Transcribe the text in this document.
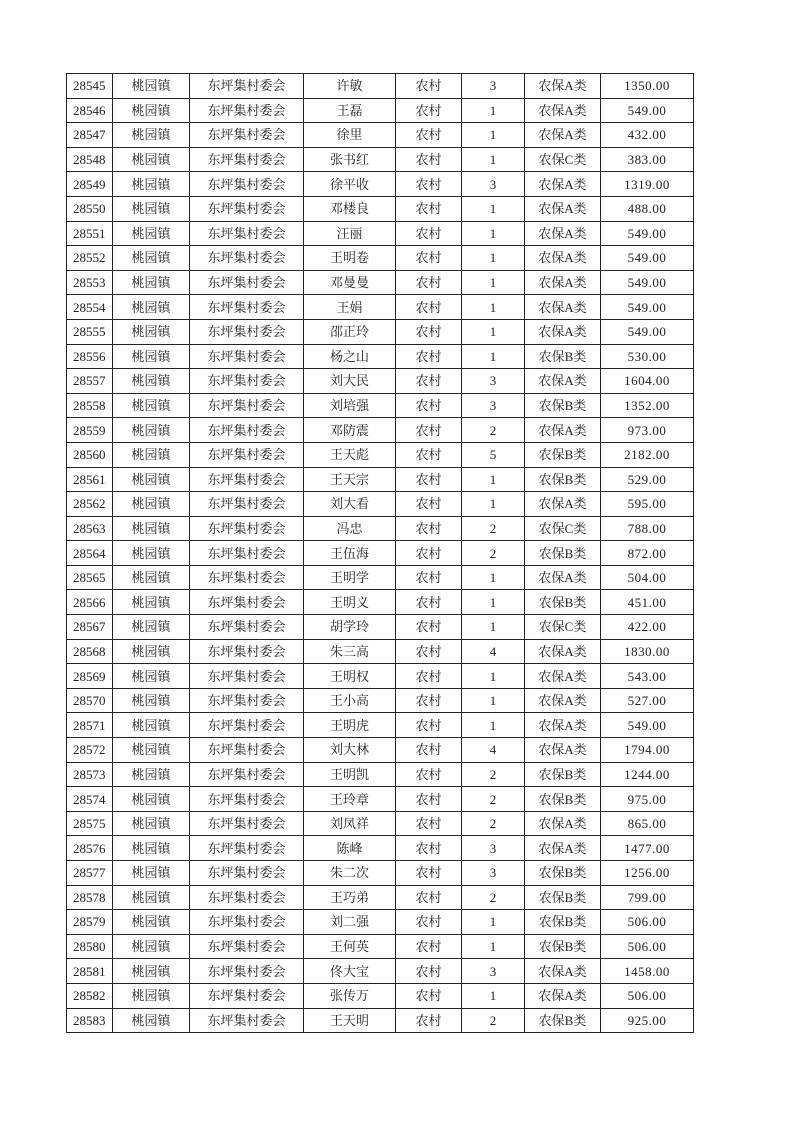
28545	桃园镇	东坪集村委会	许敏	农村	3	农保A类	1350.00
28546	桃园镇	东坪集村委会	王磊	农村	1	农保A类	549.00
28547	桃园镇	东坪集村委会	徐里	农村	1	农保A类	432.00
28548	桃园镇	东坪集村委会	张书红	农村	1	农保C类	383.00
28549	桃园镇	东坪集村委会	徐平收	农村	3	农保A类	1319.00
28550	桃园镇	东坪集村委会	邓楼良	农村	1	农保A类	488.00
28551	桃园镇	东坪集村委会	汪丽	农村	1	农保A类	549.00
28552	桃园镇	东坪集村委会	王明卷	农村	1	农保A类	549.00
28553	桃园镇	东坪集村委会	邓曼曼	农村	1	农保A类	549.00
28554	桃园镇	东坪集村委会	王娟	农村	1	农保A类	549.00
28555	桃园镇	东坪集村委会	邵正玲	农村	1	农保A类	549.00
28556	桃园镇	东坪集村委会	杨之山	农村	1	农保B类	530.00
28557	桃园镇	东坪集村委会	刘大民	农村	3	农保A类	1604.00
28558	桃园镇	东坪集村委会	刘培强	农村	3	农保B类	1352.00
28559	桃园镇	东坪集村委会	邓防震	农村	2	农保A类	973.00
28560	桃园镇	东坪集村委会	王天彪	农村	5	农保B类	2182.00
28561	桃园镇	东坪集村委会	王天宗	农村	1	农保B类	529.00
28562	桃园镇	东坪集村委会	刘大看	农村	1	农保A类	595.00
28563	桃园镇	东坪集村委会	冯忠	农村	2	农保C类	788.00
28564	桃园镇	东坪集村委会	王伍海	农村	2	农保B类	872.00
28565	桃园镇	东坪集村委会	王明学	农村	1	农保A类	504.00
28566	桃园镇	东坪集村委会	王明义	农村	1	农保B类	451.00
28567	桃园镇	东坪集村委会	胡学玲	农村	1	农保C类	422.00
28568	桃园镇	东坪集村委会	朱三高	农村	4	农保A类	1830.00
28569	桃园镇	东坪集村委会	王明权	农村	1	农保A类	543.00
28570	桃园镇	东坪集村委会	王小高	农村	1	农保A类	527.00
28571	桃园镇	东坪集村委会	王明虎	农村	1	农保A类	549.00
28572	桃园镇	东坪集村委会	刘大林	农村	4	农保A类	1794.00
28573	桃园镇	东坪集村委会	王明凯	农村	2	农保B类	1244.00
28574	桃园镇	东坪集村委会	王玲章	农村	2	农保B类	975.00
28575	桃园镇	东坪集村委会	刘凤祥	农村	2	农保A类	865.00
28576	桃园镇	东坪集村委会	陈峰	农村	3	农保A类	1477.00
28577	桃园镇	东坪集村委会	朱二次	农村	3	农保B类	1256.00
28578	桃园镇	东坪集村委会	王巧弟	农村	2	农保B类	799.00
28579	桃园镇	东坪集村委会	刘二强	农村	1	农保B类	506.00
28580	桃园镇	东坪集村委会	王何英	农村	1	农保B类	506.00
28581	桃园镇	东坪集村委会	佟大宝	农村	3	农保A类	1458.00
28582	桃园镇	东坪集村委会	张传万	农村	1	农保A类	506.00
28583	桃园镇	东坪集村委会	王天明	农村	2	农保B类	925.00
